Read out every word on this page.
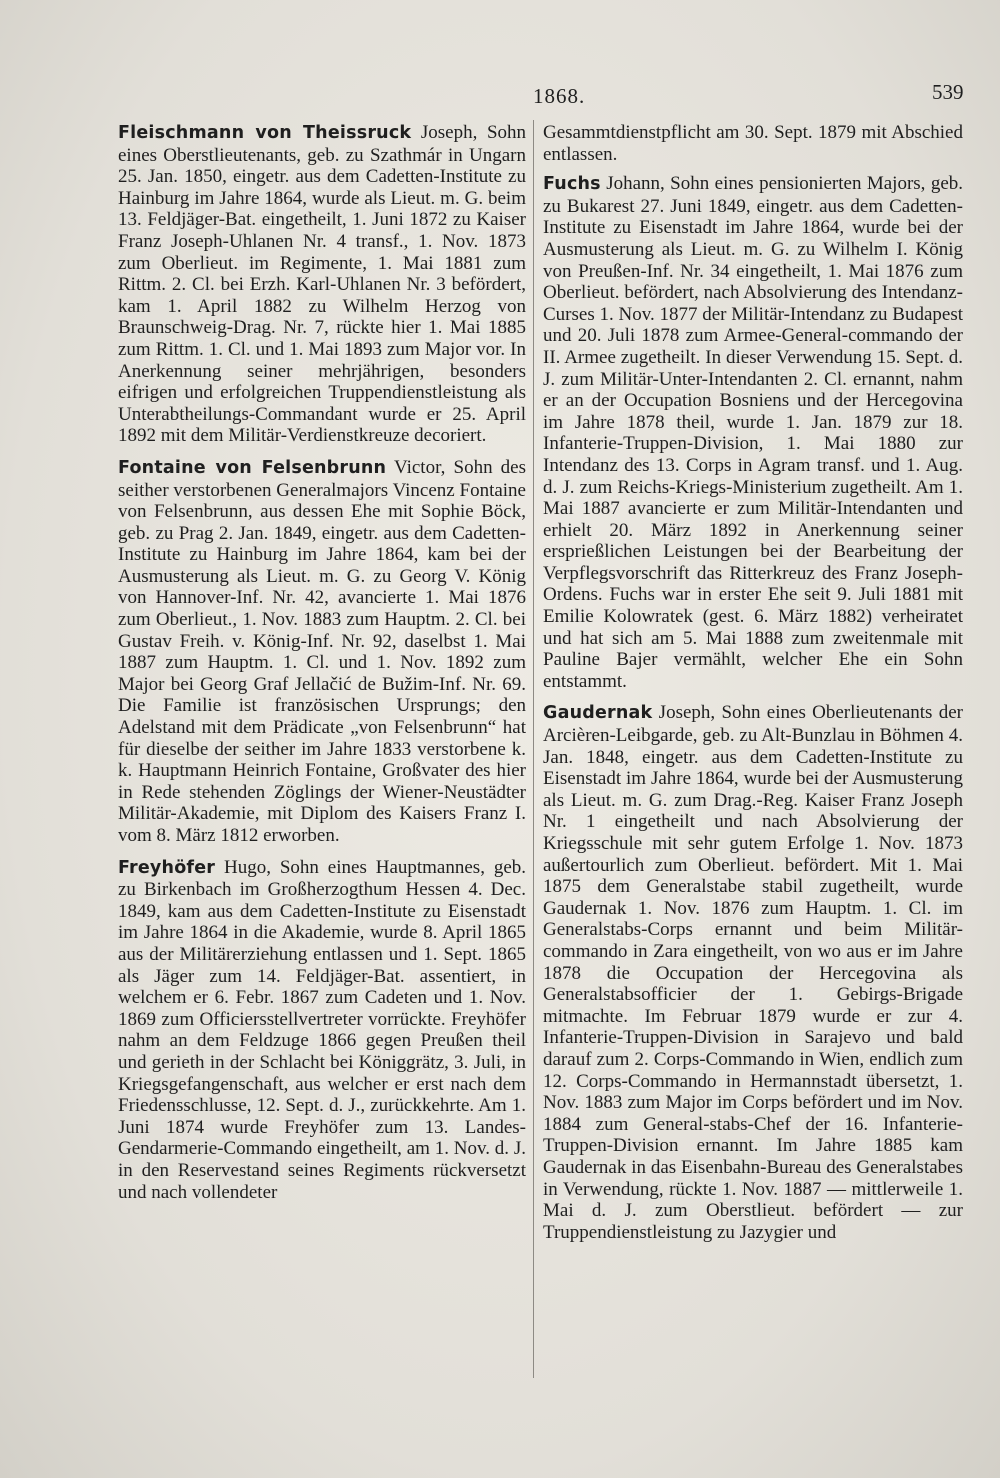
1868.	539

Fleischmann von Theissruck Joseph, Sohn eines Oberstlieutenants, geb. zu Szathmár in Ungarn 25. Jan. 1850, eingetr. aus dem Cadetten-Institute zu Hainburg im Jahre 1864, wurde als Lieut. m. G. beim 13. Feldjäger-Bat. eingetheilt, 1. Juni 1872 zu Kaiser Franz Joseph-Uhlanen Nr. 4 transf., 1. Nov. 1873 zum Oberlieut. im Regimente, 1. Mai 1881 zum Rittm. 2. Cl. bei Erzh. Karl-Uhlanen Nr. 3 befördert, kam 1. April 1882 zu Wilhelm Herzog von Braunschweig-Drag. Nr. 7, rückte hier 1. Mai 1885 zum Rittm. 1. Cl. und 1. Mai 1893 zum Major vor. In Anerkennung seiner mehrjährigen, besonders eifrigen und erfolgreichen Truppendienstleistung als Unterabtheilungs-Commandant wurde er 25. April 1892 mit dem Militär-Verdienstkreuze decoriert.

Fontaine von Felsenbrunn Victor, Sohn des seither verstorbenen Generalmajors Vincenz Fontaine von Felsenbrunn, aus dessen Ehe mit Sophie Böck, geb. zu Prag 2. Jan. 1849, eingetr. aus dem Cadetten-Institute zu Hainburg im Jahre 1864, kam bei der Ausmusterung als Lieut. m. G. zu Georg V. König von Hannover-Inf. Nr. 42, avancierte 1. Mai 1876 zum Oberlieut., 1. Nov. 1883 zum Hauptm. 2. Cl. bei Gustav Freih. v. König-Inf. Nr. 92, daselbst 1. Mai 1887 zum Hauptm. 1. Cl. und 1. Nov. 1892 zum Major bei Georg Graf Jellačić de Bužim-Inf. Nr. 69. Die Familie ist französischen Ursprungs; den Adelstand mit dem Prädicate „von Felsenbrunn“ hat für dieselbe der seither im Jahre 1833 verstorbene k. k. Hauptmann Heinrich Fontaine, Großvater des hier in Rede stehenden Zöglings der Wiener-Neustädter Militär-Akademie, mit Diplom des Kaisers Franz I. vom 8. März 1812 erworben.

Freyhöfer Hugo, Sohn eines Hauptmannes, geb. zu Birkenbach im Großherzogthum Hessen 4. Dec. 1849, kam aus dem Cadetten-Institute zu Eisenstadt im Jahre 1864 in die Akademie, wurde 8. April 1865 aus der Militärerziehung entlassen und 1. Sept. 1865 als Jäger zum 14. Feldjäger-Bat. assentiert, in welchem er 6. Febr. 1867 zum Cadeten und 1. Nov. 1869 zum Officiersstellvertreter vorrückte. Freyhöfer nahm an dem Feldzuge 1866 gegen Preußen theil und gerieth in der Schlacht bei Königgrätz, 3. Juli, in Kriegsgefangenschaft, aus welcher er erst nach dem Friedensschlusse, 12. Sept. d. J., zurückkehrte. Am 1. Juni 1874 wurde Freyhöfer zum 13. Landes-Gendarmerie-Commando eingetheilt, am 1. Nov. d. J. in den Reservestand seines Regiments rückversetzt und nach vollendeter

Gesammtdienstpflicht am 30. Sept. 1879 mit Abschied entlassen.

Fuchs Johann, Sohn eines pensionierten Majors, geb. zu Bukarest 27. Juni 1849, eingetr. aus dem Cadetten-Institute zu Eisenstadt im Jahre 1864, wurde bei der Ausmusterung als Lieut. m. G. zu Wilhelm I. König von Preußen-Inf. Nr. 34 eingetheilt, 1. Mai 1876 zum Oberlieut. befördert, nach Absolvierung des Intendanz-Curses 1. Nov. 1877 der Militär-Intendanz zu Budapest und 20. Juli 1878 zum Armee-General-commando der II. Armee zugetheilt. In dieser Verwendung 15. Sept. d. J. zum Militär-Unter-Intendanten 2. Cl. ernannt, nahm er an der Occupation Bosniens und der Hercegovina im Jahre 1878 theil, wurde 1. Jan. 1879 zur 18. Infanterie-Truppen-Division, 1. Mai 1880 zur Intendanz des 13. Corps in Agram transf. und 1. Aug. d. J. zum Reichs-Kriegs-Ministerium zugetheilt. Am 1. Mai 1887 avancierte er zum Militär-Intendanten und erhielt 20. März 1892 in Anerkennung seiner ersprießlichen Leistungen bei der Bearbeitung der Verpflegsvorschrift das Ritterkreuz des Franz Joseph-Ordens. Fuchs war in erster Ehe seit 9. Juli 1881 mit Emilie Kolowratek (gest. 6. März 1882) verheiratet und hat sich am 5. Mai 1888 zum zweitenmale mit Pauline Bajer vermählt, welcher Ehe ein Sohn entstammt.

Gaudernak Joseph, Sohn eines Oberlieutenants der Arcièren-Leibgarde, geb. zu Alt-Bunzlau in Böhmen 4. Jan. 1848, eingetr. aus dem Cadetten-Institute zu Eisenstadt im Jahre 1864, wurde bei der Ausmusterung als Lieut. m. G. zum Drag.-Reg. Kaiser Franz Joseph Nr. 1 eingetheilt und nach Absolvierung der Kriegsschule mit sehr gutem Erfolge 1. Nov. 1873 außertourlich zum Oberlieut. befördert. Mit 1. Mai 1875 dem Generalstabe stabil zugetheilt, wurde Gaudernak 1. Nov. 1876 zum Hauptm. 1. Cl. im Generalstabs-Corps ernannt und beim Militär-commando in Zara eingetheilt, von wo aus er im Jahre 1878 die Occupation der Hercegovina als Generalstabsofficier der 1. Gebirgs-Brigade mitmachte. Im Februar 1879 wurde er zur 4. Infanterie-Truppen-Division in Sarajevo und bald darauf zum 2. Corps-Commando in Wien, endlich zum 12. Corps-Commando in Hermannstadt übersetzt, 1. Nov. 1883 zum Major im Corps befördert und im Nov. 1884 zum General-stabs-Chef der 16. Infanterie-Truppen-Division ernannt. Im Jahre 1885 kam Gaudernak in das Eisenbahn-Bureau des Generalstabes in Verwendung, rückte 1. Nov. 1887 — mittlerweile 1. Mai d. J. zum Oberstlieut. befördert — zur Truppendienstleistung zu Jazygier und
